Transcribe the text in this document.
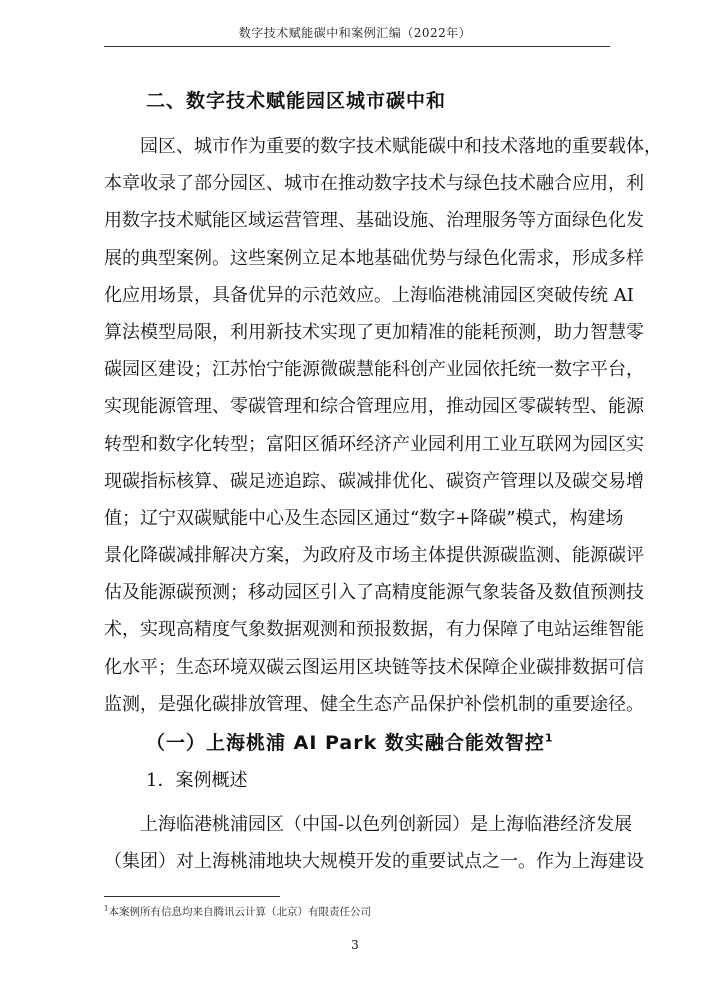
数字技术赋能碳中和案例汇编（2022年）
二、数字技术赋能园区城市碳中和
园区、城市作为重要的数字技术赋能碳中和技术落地的重要载体，
本章收录了部分园区、城市在推动数字技术与绿色技术融合应用，利
用数字技术赋能区域运营管理、基础设施、治理服务等方面绿色化发
展的典型案例。这些案例立足本地基础优势与绿色化需求，形成多样
化应用场景，具备优异的示范效应。上海临港桃浦园区突破传统 AI
算法模型局限，利用新技术实现了更加精准的能耗预测，助力智慧零
碳园区建设；江苏怡宁能源微碳慧能科创产业园依托统一数字平台，
实现能源管理、零碳管理和综合管理应用，推动园区零碳转型、能源
转型和数字化转型；富阳区循环经济产业园利用工业互联网为园区实
现碳指标核算、碳足迹追踪、碳减排优化、碳资产管理以及碳交易增
值；辽宁双碳赋能中心及生态园区通过“数字+降碳”模式，构建场
景化降碳减排解决方案，为政府及市场主体提供源碳监测、能源碳评
估及能源碳预测；移动园区引入了高精度能源气象装备及数值预测技
术，实现高精度气象数据观测和预报数据，有力保障了电站运维智能
化水平；生态环境双碳云图运用区块链等技术保障企业碳排数据可信
监测，是强化碳排放管理、健全生态产品保护补偿机制的重要途径。
（一）上海桃浦 AI Park 数实融合能效智控$^1$
1．案例概述
上海临港桃浦园区（中国-以色列创新园）是上海临港经济发展
（集团）对上海桃浦地块大规模开发的重要试点之一。作为上海建设
$^1$本案例所有信息均来自腾讯云计算（北京）有限责任公司
3
